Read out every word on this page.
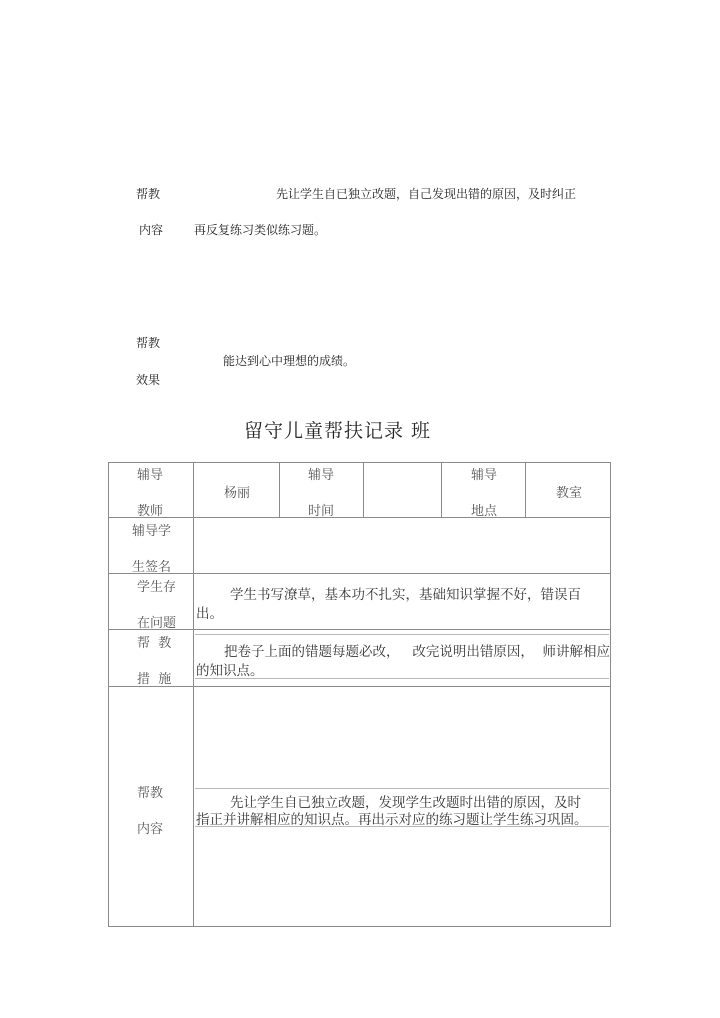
帮教	先让学生自已独立改题，自己发现出错的原因，及时纠正
内容	再反复练习类似练习题。
帮教
能达到心中理想的成绩。
效果
留守儿童帮扶记录 班
辅导
教师
杨丽
辅导
时间
辅导
地点
教室
辅导学
生签名
学生存
在问题
学生书写潦草，基本功不扎实，基础知识掌握不好，错误百
出。
帮  教
措  施
把卷子上面的错题每题必改，   改完说明出错原因，  师讲解相应
的知识点。
帮教
内容
先让学生自已独立改题，发现学生改题时出错的原因，及时
指正并讲解相应的知识点。再出示对应的练习题让学生练习巩固。
